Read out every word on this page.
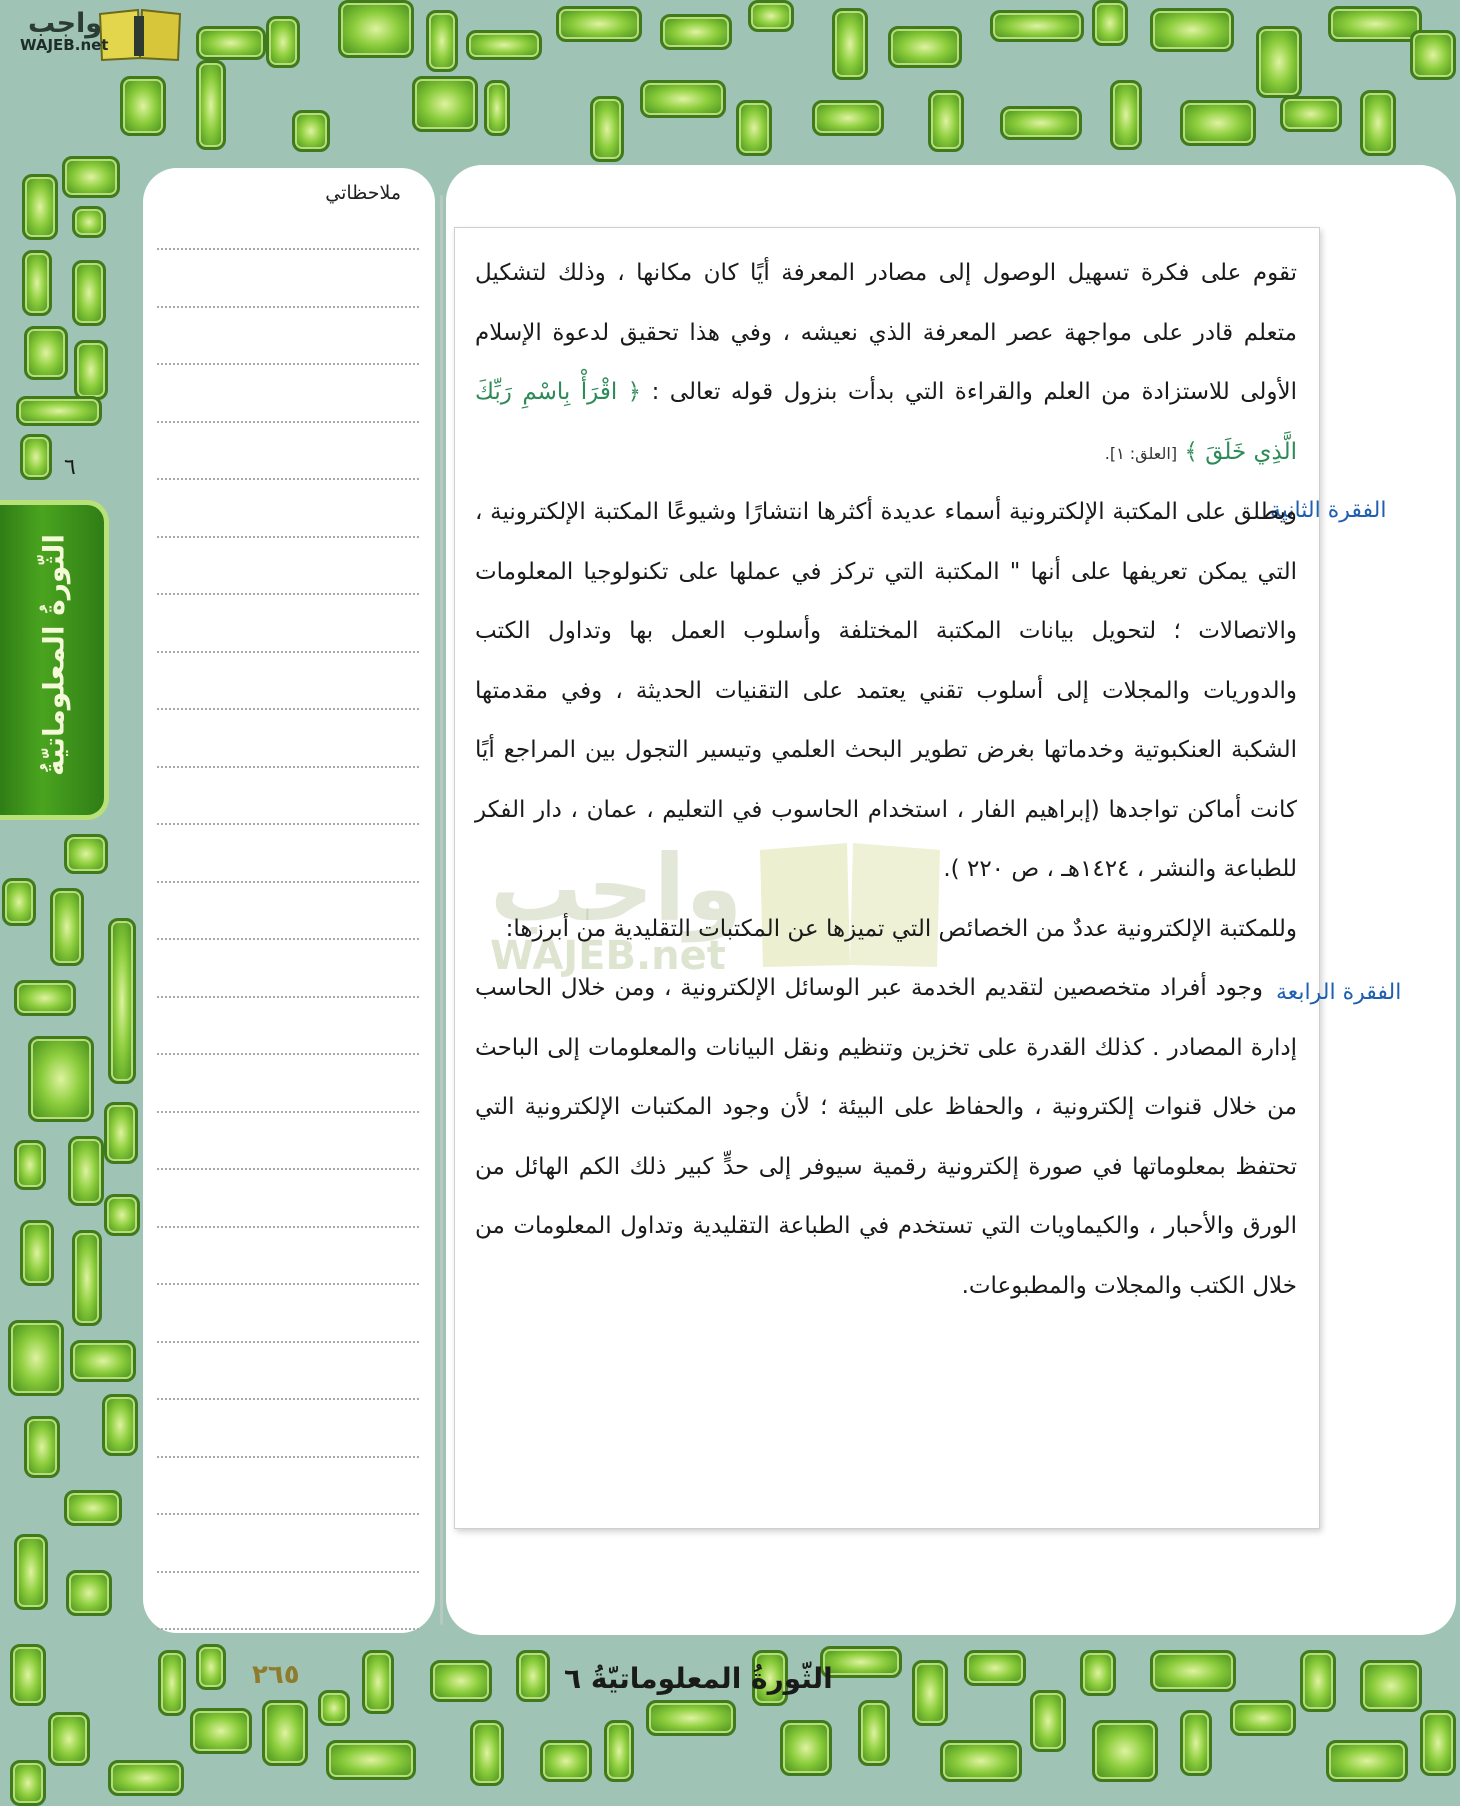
واجب
WAJEB.net
٦
الثّورةُ المعلوماتيّةُ
ملاحظاتي
واجب
WAJEB.net
الفقرة الثانية
الفقرة الرابعة

تقوم على فكرة تسهيل الوصول إلى مصادر المعرفة أيًا كان مكانها ، وذلك لتشكيل متعلم قادر على مواجهة عصر المعرفة الذي نعيشه ، وفي هذا تحقيق لدعوة الإسلام الأولى للاستزادة من العلم والقراءة التي بدأت بنزول قوله تعالى : ﴿ اقْرَأْ بِاسْمِ رَبِّكَ الَّذِي خَلَقَ ﴾ [العلق: ١].

ويطلق على المكتبة الإلكترونية أسماء عديدة أكثرها انتشارًا وشيوعًا المكتبة الإلكترونية ، التي يمكن تعريفها على أنها " المكتبة التي تركز في عملها على تكنولوجيا المعلومات والاتصالات ؛ لتحويل بيانات المكتبة المختلفة وأسلوب العمل بها وتداول الكتب والدوريات والمجلات إلى أسلوب تقني يعتمد على التقنيات الحديثة ، وفي مقدمتها الشكبة العنكبوتية وخدماتها بغرض تطوير البحث العلمي وتيسير التجول بين المراجع أيًا كانت أماكن تواجدها (إبراهيم الفار ، استخدام الحاسوب في التعليم ، عمان ، دار الفكر للطباعة والنشر ، ١٤٢٤هـ ، ص ٢٢٠ ).

وللمكتبة الإلكترونية عددٌ من الخصائص التي تميزها عن المكتبات التقليدية من أبرزها:

وجود أفراد متخصصين لتقديم الخدمة عبر الوسائل الإلكترونية ، ومن خلال الحاسب إدارة المصادر . كذلك القدرة على تخزين وتنظيم ونقل البيانات والمعلومات إلى الباحث من خلال قنوات إلكترونية ، والحفاظ على البيئة ؛ لأن وجود المكتبات الإلكترونية التي تحتفظ بمعلوماتها في صورة إلكترونية رقمية سيوفر إلى حدٍّ كبير ذلك الكم الهائل من الورق والأحبار ، والكيماويات التي تستخدم في الطباعة التقليدية وتداول المعلومات من خلال الكتب والمجلات والمطبوعات.

الثّورةُ المعلوماتيّةُ ٦
٢٦٥
